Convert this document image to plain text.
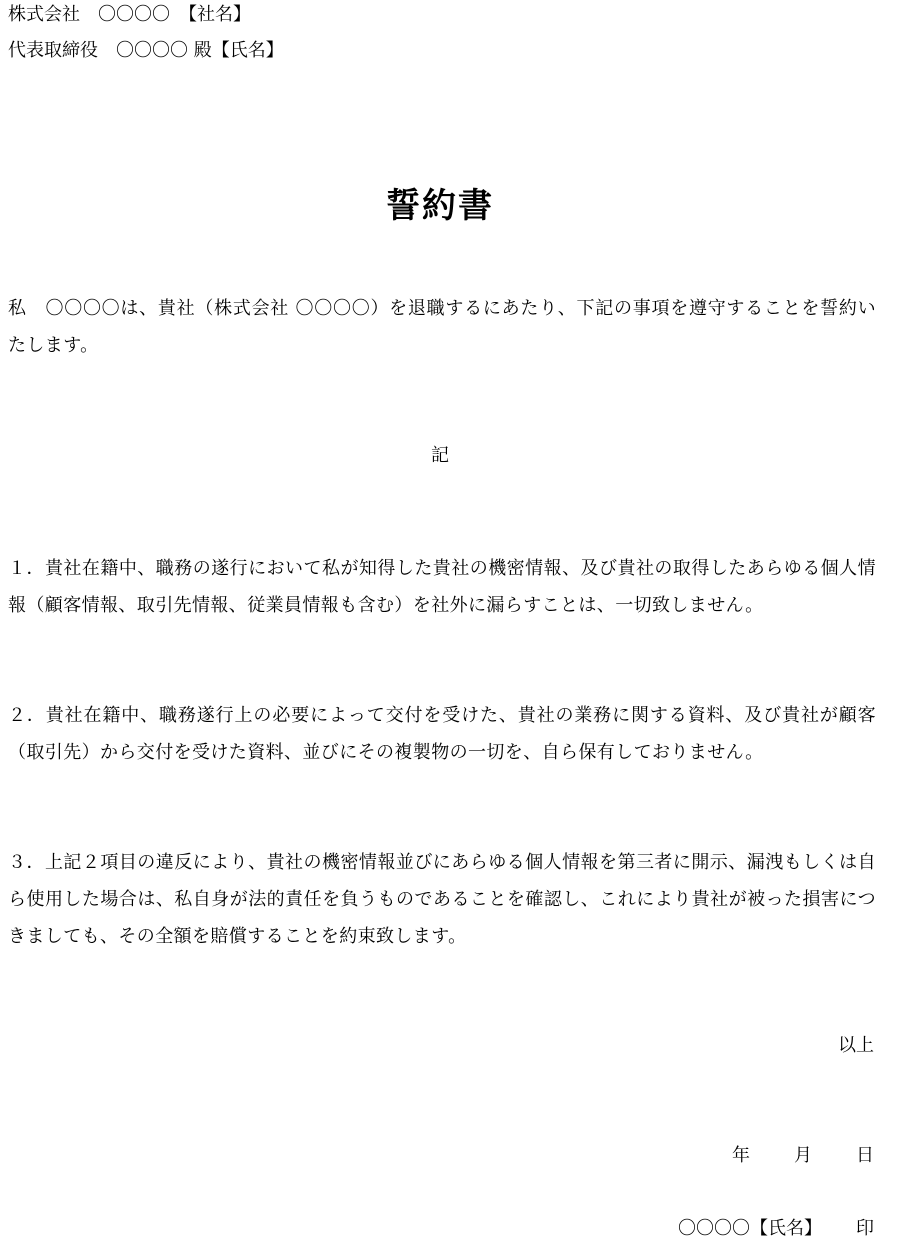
株式会社　〇〇〇〇　【社名】
代表取締役　〇〇〇〇 殿【氏名】
誓約書
私　〇〇〇〇は、貴社（株式会社 〇〇〇〇）を退職するにあたり、下記の事項を遵守することを誓約いたします。
記
１．貴社在籍中、職務の遂行において私が知得した貴社の機密情報、及び貴社の取得したあらゆる個人情報（顧客情報、取引先情報、従業員情報も含む）を社外に漏らすことは、一切致しません。
２．貴社在籍中、職務遂行上の必要によって交付を受けた、貴社の業務に関する資料、及び貴社が顧客（取引先）から交付を受けた資料、並びにその複製物の一切を、自ら保有しておりません。
３．上記２項目の違反により、貴社の機密情報並びにあらゆる個人情報を第三者に開示、漏洩もしくは自ら使用した場合は、私自身が法的責任を負うものであることを確認し、これにより貴社が被った損害につきましても、その全額を賠償することを約束致します。
以上
年 月 日
〇〇〇〇【氏名】 印
